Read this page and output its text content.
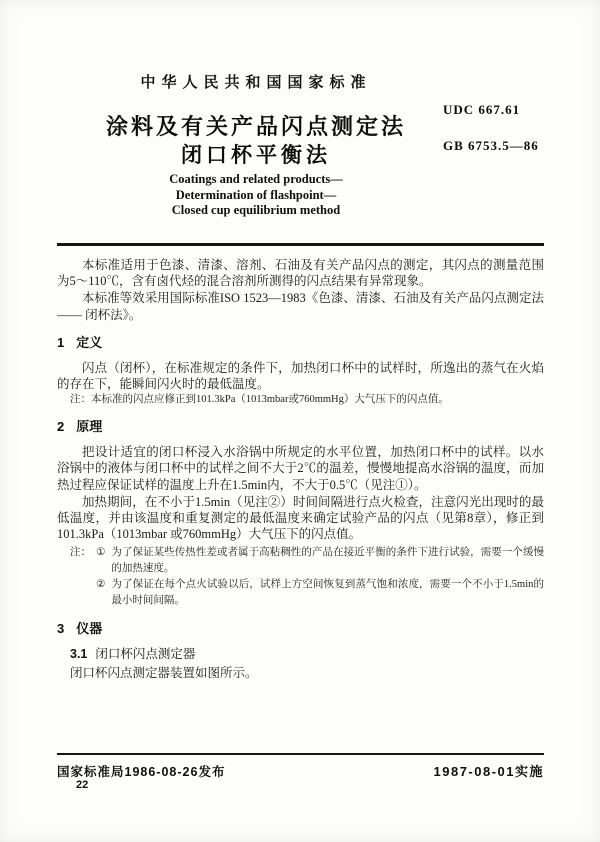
中华人民共和国国家标准
UDC 667.61
涂料及有关产品闪点测定法
GB 6753.5—86
闭口杯平衡法
Coatings and related products—
Determination of flashpoint—
Closed cup equilibrium method

本标准适用于色漆、清漆、溶剂、石油及有关产品闪点的测定，其闪点的测量范围为5～110℃，含有卤代烃的混合溶剂所测得的闪点结果有异常现象。

本标准等效采用国际标准ISO 1523—1983《色漆、清漆、石油及有关产品闪点测定法 —— 闭杯法》。

1 定义

闪点（闭杯），在标准规定的条件下，加热闭口杯中的试样时，所逸出的蒸气在火焰的存在下，能瞬间闪火时的最低温度。

注：本标准的闪点应修正到101.3kPa（1013mbar或760mmHg）大气压下的闪点值。

2 原理

把设计适宜的闭口杯浸入水浴锅中所规定的水平位置，加热闭口杯中的试样。以水浴锅中的液体与闭口杯中的试样之间不大于2℃的温差，慢慢地提高水浴锅的温度，而加热过程应保证试样的温度上升在1.5min内，不大于0.5℃（见注①）。

加热期间，在不小于1.5min（见注②）时间间隔进行点火检查，注意闪光出现时的最低温度，并由该温度和重复测定的最低温度来确定试验产品的闪点（见第8章），修正到101.3kPa（1013mbar 或760mmHg）大气压下的闪点值。

注： ① 为了保证某些传热性差或者属于高粘稠性的产品在接近平衡的条件下进行试验，需要一个缓慢的加热速度。
② 为了保证在每个点火试验以后，试样上方空间恢复到蒸气饱和浓度，需要一个不小于1.5min的最小时间间隔。
3 仪器
3.1 闭口杯闪点测定器
闭口杯闪点测定器装置如图所示。
国家标准局1986-08-26发布	1987-08-01实施
22
